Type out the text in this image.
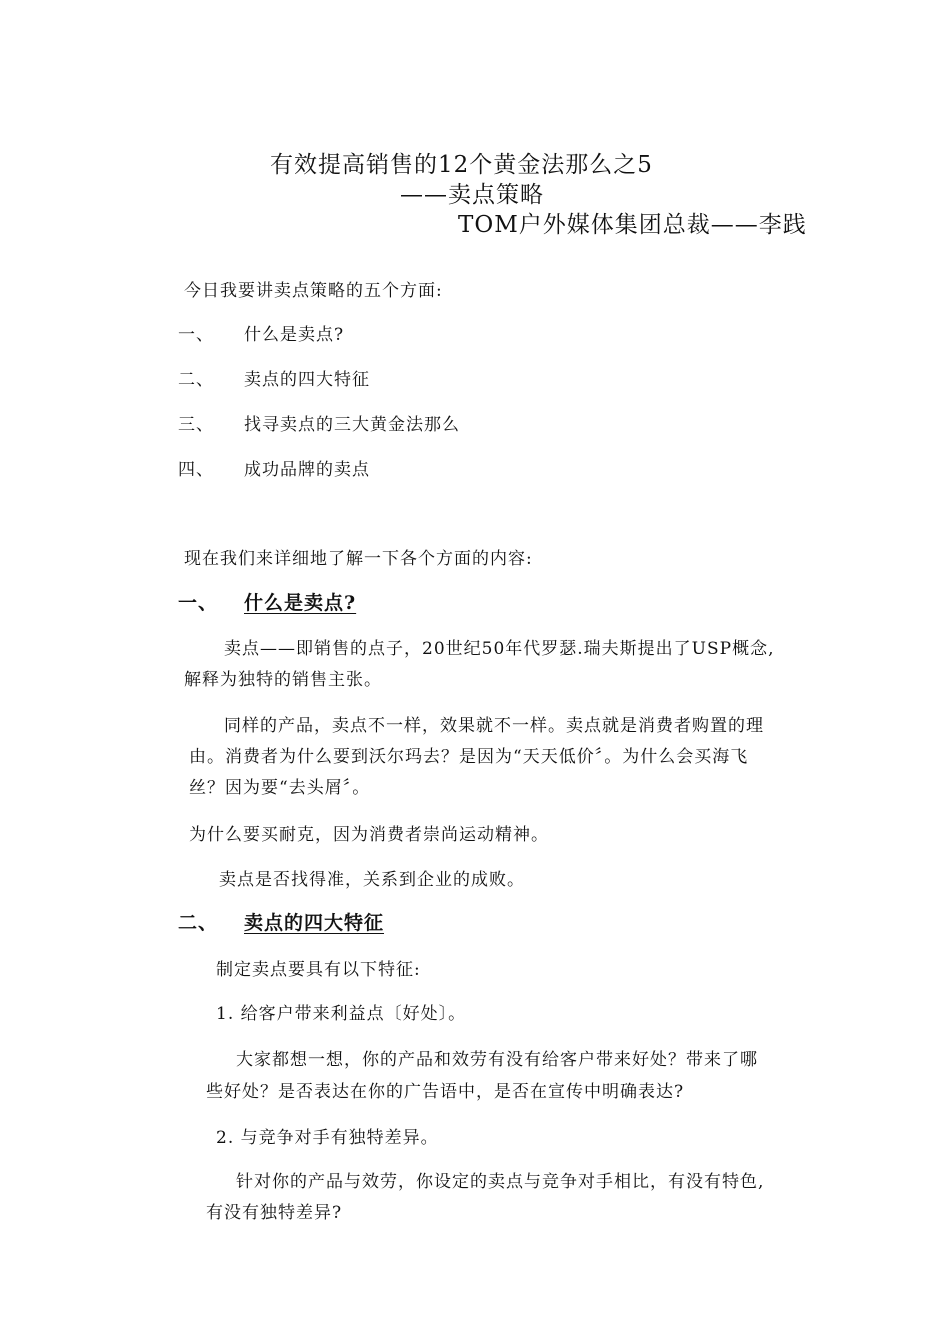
有效提高销售的12个黄金法那么之5
——卖点策略
TOM户外媒体集团总裁——李践
今日我要讲卖点策略的五个方面:
一、 什么是卖点?
二、 卖点的四大特征
三、 找寻卖点的三大黄金法那么
四、 成功品牌的卖点
现在我们来详细地了解一下各个方面的内容:
一、 什么是卖点?
卖点——即销售的点子，20世纪50年代罗瑟.瑞夫斯提出了USP概念,
解释为独特的销售主张。
同样的产品，卖点不一样，效果就不一样。卖点就是消费者购置的理
由。消费者为什么要到沃尔玛去？是因为“天天低价〞。为什么会买海飞
丝？因为要“去头屑〞。
为什么要买耐克，因为消费者崇尚运动精神。
卖点是否找得准，关系到企业的成败。
二、 卖点的四大特征
制定卖点要具有以下特征:
1. 给客户带来利益点〔好处〕。
大家都想一想，你的产品和效劳有没有给客户带来好处？带来了哪
些好处？是否表达在你的广告语中，是否在宣传中明确表达?
2. 与竞争对手有独特差异。
针对你的产品与效劳，你设定的卖点与竞争对手相比，有没有特色,
有没有独特差异?
